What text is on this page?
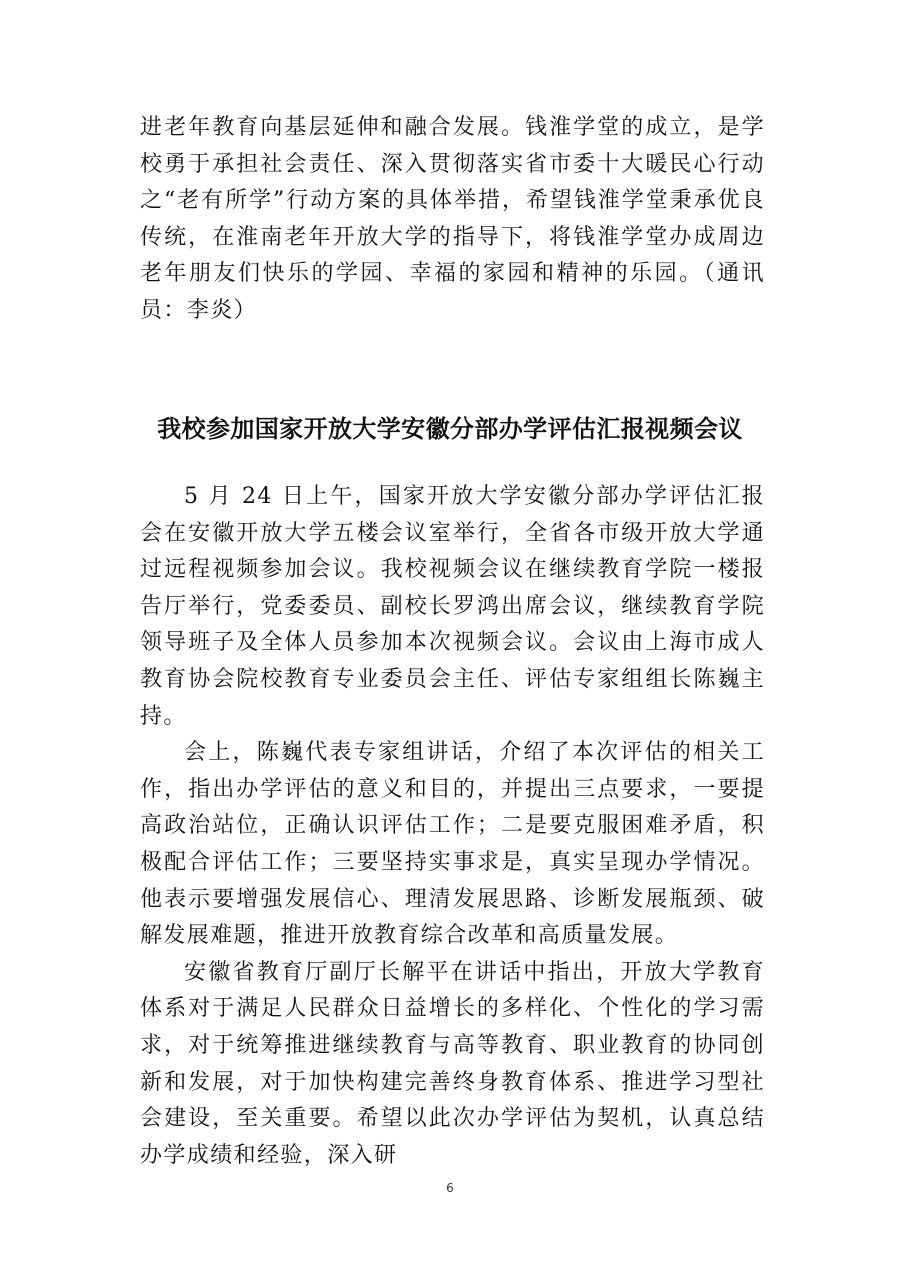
进老年教育向基层延伸和融合发展。钱淮学堂的成立，是学校勇于承担社会责任、深入贯彻落实省市委十大暖民心行动之“老有所学”行动方案的具体举措，希望钱淮学堂秉承优良传统，在淮南老年开放大学的指导下，将钱淮学堂办成周边老年朋友们快乐的学园、幸福的家园和精神的乐园。（通讯员：李炎）

我校参加国家开放大学安徽分部办学评估汇报视频会议

5 月 24 日上午，国家开放大学安徽分部办学评估汇报会在安徽开放大学五楼会议室举行，全省各市级开放大学通过远程视频参加会议。我校视频会议在继续教育学院一楼报告厅举行，党委委员、副校长罗鸿出席会议，继续教育学院领导班子及全体人员参加本次视频会议。会议由上海市成人教育协会院校教育专业委员会主任、评估专家组组长陈巍主持。

会上，陈巍代表专家组讲话，介绍了本次评估的相关工作，指出办学评估的意义和目的，并提出三点要求，一要提高政治站位，正确认识评估工作；二是要克服困难矛盾，积极配合评估工作；三要坚持实事求是，真实呈现办学情况。他表示要增强发展信心、理清发展思路、诊断发展瓶颈、破解发展难题，推进开放教育综合改革和高质量发展。

安徽省教育厅副厅长解平在讲话中指出，开放大学教育体系对于满足人民群众日益增长的多样化、个性化的学习需求，对于统筹推进继续教育与高等教育、职业教育的协同创新和发展，对于加快构建完善终身教育体系、推进学习型社会建设，至关重要。希望以此次办学评估为契机，认真总结办学成绩和经验，深入研

6
